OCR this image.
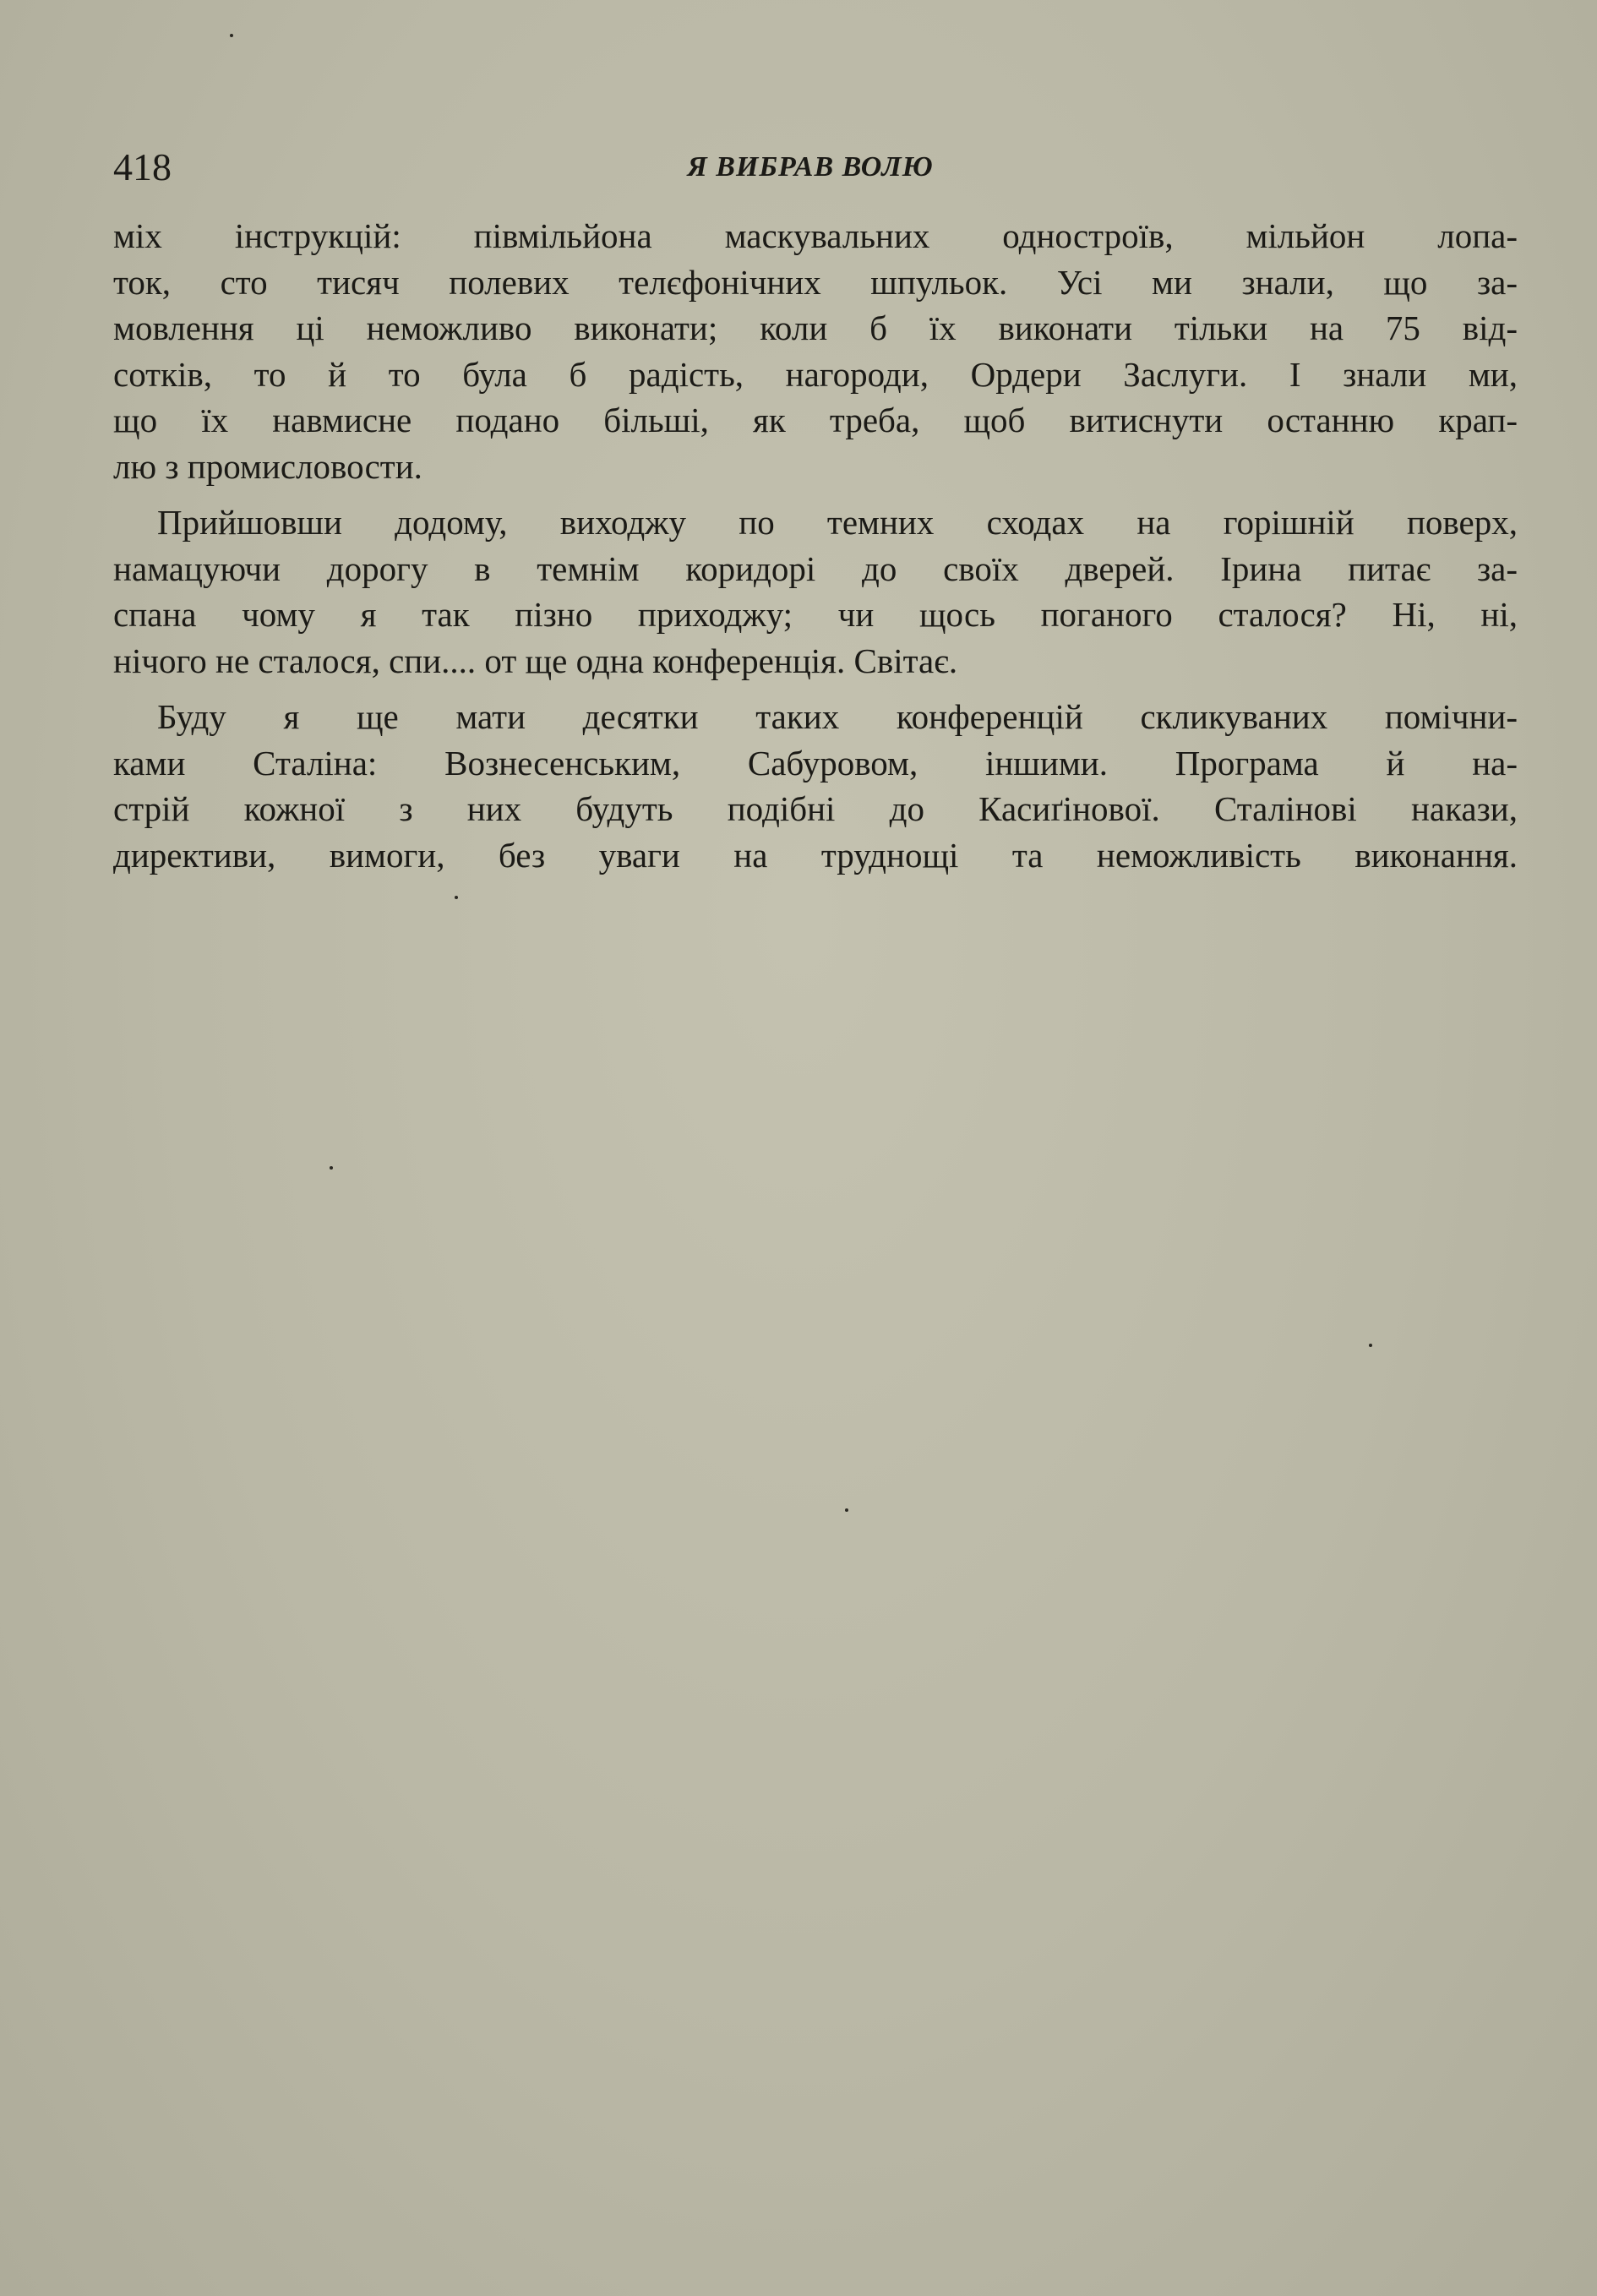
418	Я ВИБРАВ ВОЛЮ

міх інструкцій: півмільйона маскувальних одностроїв, мільйон лопа-
ток, сто тисяч полевих телєфонічних шпульок. Усі ми знали, що за-
мовлення ці неможливо виконати; коли б їх виконати тільки на 75 від-
сотків, то й то була б радість, нагороди, Ордери Заслуги. І знали ми,
що їх навмисне подано більші, як треба, щоб витиснути останню крап-
лю з промисловости.

Прийшовши додому, виходжу по темних сходах на горішній поверх,
намацуючи дорогу в темнім коридорі до своїх дверей. Ірина питає за-
спана чому я так пізно приходжу; чи щось поганого сталося? Ні, ні,
нічого не сталося, спи.... от ще одна конференція. Світає.

Буду я ще мати десятки таких конференцій скликуваних помічни-
ками Сталіна: Вознесенським, Сабуровом, іншими. Програма й на-
стрій кожної з них будуть подібні до Касиґінової. Сталінові накази,
директиви, вимоги, без уваги на труднощі та неможливість виконання.
